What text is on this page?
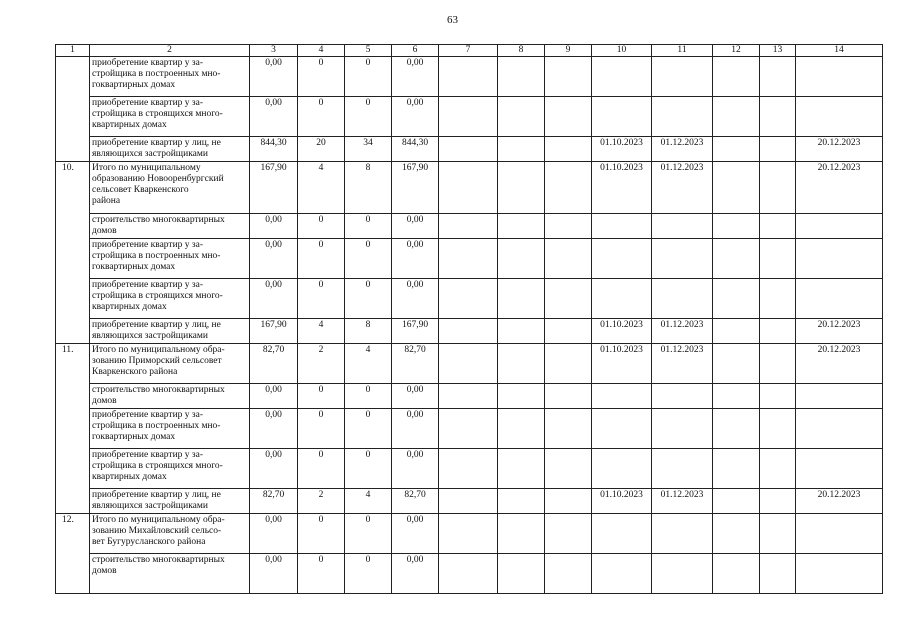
63
1	2	3	4	5	6	7	8	9	10	11	12	13	14
	приобретение квартир у за-
стройщика в построенных мно-
гоквартирных домах	0,00	0	0	0,00								
	приобретение квартир у за-
стройщика в строящихся много-
квартирных домах	0,00	0	0	0,00								
	приобретение квартир у лиц, не
являющихся застройщиками	844,30	20	34	844,30				01.10.2023	01.12.2023			20.12.2023
10.	Итого по муниципальному
образованию Новооренбургский
сельсовет Кваркенского
района	167,90	4	8	167,90				01.10.2023	01.12.2023			20.12.2023
	строительство многоквартирных
домов	0,00	0	0	0,00								
	приобретение квартир у за-
стройщика в построенных мно-
гоквартирных домах	0,00	0	0	0,00								
	приобретение квартир у за-
стройщика в строящихся много-
квартирных домах	0,00	0	0	0,00								
	приобретение квартир у лиц, не
являющихся застройщиками	167,90	4	8	167,90				01.10.2023	01.12.2023			20.12.2023
11.	Итого по муниципальному обра-
зованию Приморский сельсовет
Кваркенского района	82,70	2	4	82,70				01.10.2023	01.12.2023			20.12.2023
	строительство многоквартирных
домов	0,00	0	0	0,00								
	приобретение квартир у за-
стройщика в построенных мно-
гоквартирных домах	0,00	0	0	0,00								
	приобретение квартир у за-
стройщика в строящихся много-
квартирных домах	0,00	0	0	0,00								
	приобретение квартир у лиц, не
являющихся застройщиками	82,70	2	4	82,70				01.10.2023	01.12.2023			20.12.2023
12.	Итого по муниципальному обра-
зованию Михайловский сельсо-
вет Бугурусланского района	0,00	0	0	0,00								
	строительство многоквартирных
домов	0,00	0	0	0,00								
